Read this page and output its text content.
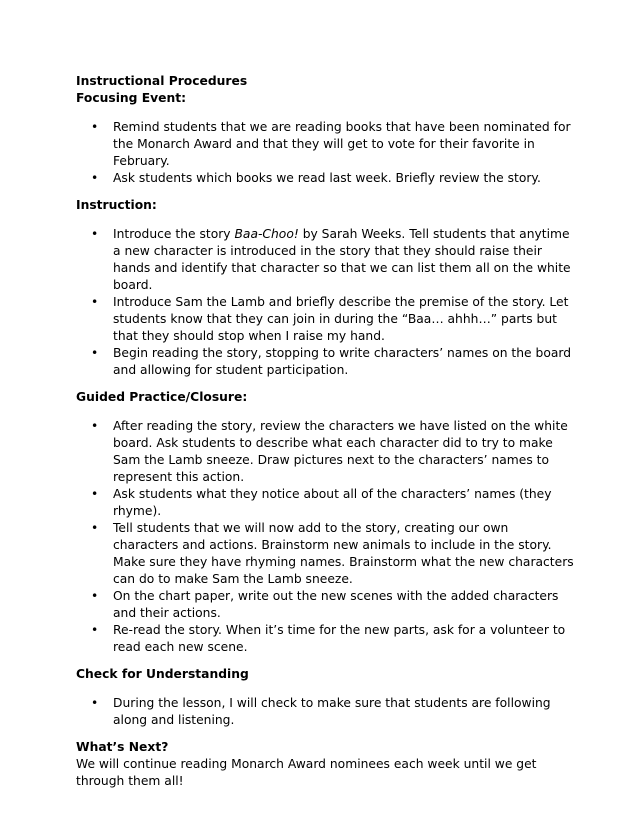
Instructional Procedures
Focusing Event:
• Remind students that we are reading books that have been nominated for the Monarch Award and that they will get to vote for their favorite in February.
• Ask students which books we read last week. Briefly review the story.
Instruction:
• Introduce the story Baa-Choo! by Sarah Weeks. Tell students that anytime a new character is introduced in the story that they should raise their hands and identify that character so that we can list them all on the white board.
• Introduce Sam the Lamb and briefly describe the premise of the story. Let students know that they can join in during the “Baa… ahhh…” parts but that they should stop when I raise my hand.
• Begin reading the story, stopping to write characters’ names on the board and allowing for student participation.
Guided Practice/Closure:
• After reading the story, review the characters we have listed on the white board. Ask students to describe what each character did to try to make Sam the Lamb sneeze. Draw pictures next to the characters’ names to represent this action.
• Ask students what they notice about all of the characters’ names (they rhyme).
• Tell students that we will now add to the story, creating our own characters and actions. Brainstorm new animals to include in the story. Make sure they have rhyming names. Brainstorm what the new characters can do to make Sam the Lamb sneeze.
• On the chart paper, write out the new scenes with the added characters and their actions.
• Re-read the story. When it’s time for the new parts, ask for a volunteer to read each new scene.
Check for Understanding
• During the lesson, I will check to make sure that students are following along and listening.
What’s Next?
We will continue reading Monarch Award nominees each week until we get through them all!
